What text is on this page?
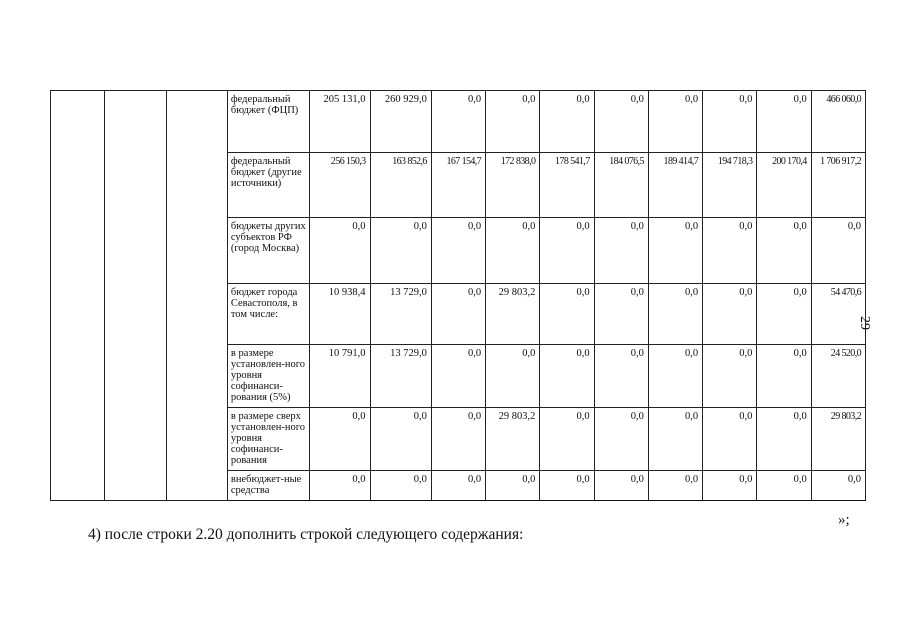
			федеральный бюджет (ФЦП)	205 131,0	260 929,0	0,0	0,0	0,0	0,0	0,0	0,0	0,0	466 060,0
			федеральный бюджет (другие источники)	256 150,3	163 852,6	167 154,7	172 838,0	178 541,7	184 076,5	189 414,7	194 718,3	200 170,4	1 706 917,2
			бюджеты других субъектов РФ (город Москва)	0,0	0,0	0,0	0,0	0,0	0,0	0,0	0,0	0,0	0,0
			бюджет города Севастополя, в том числе:	10 938,4	13 729,0	0,0	29 803,2	0,0	0,0	0,0	0,0	0,0	54 470,6
			в размере установлен-ного уровня софинанси-рования (5%)	10 791,0	13 729,0	0,0	0,0	0,0	0,0	0,0	0,0	0,0	24 520,0
			в размере сверх установлен-ного уровня софинанси-рования	0,0	0,0	0,0	29 803,2	0,0	0,0	0,0	0,0	0,0	29 803,2
			внебюджет-ные средства	0,0	0,0	0,0	0,0	0,0	0,0	0,0	0,0	0,0	0,0
29
»;
4) после строки 2.20 дополнить строкой следующего содержания:
